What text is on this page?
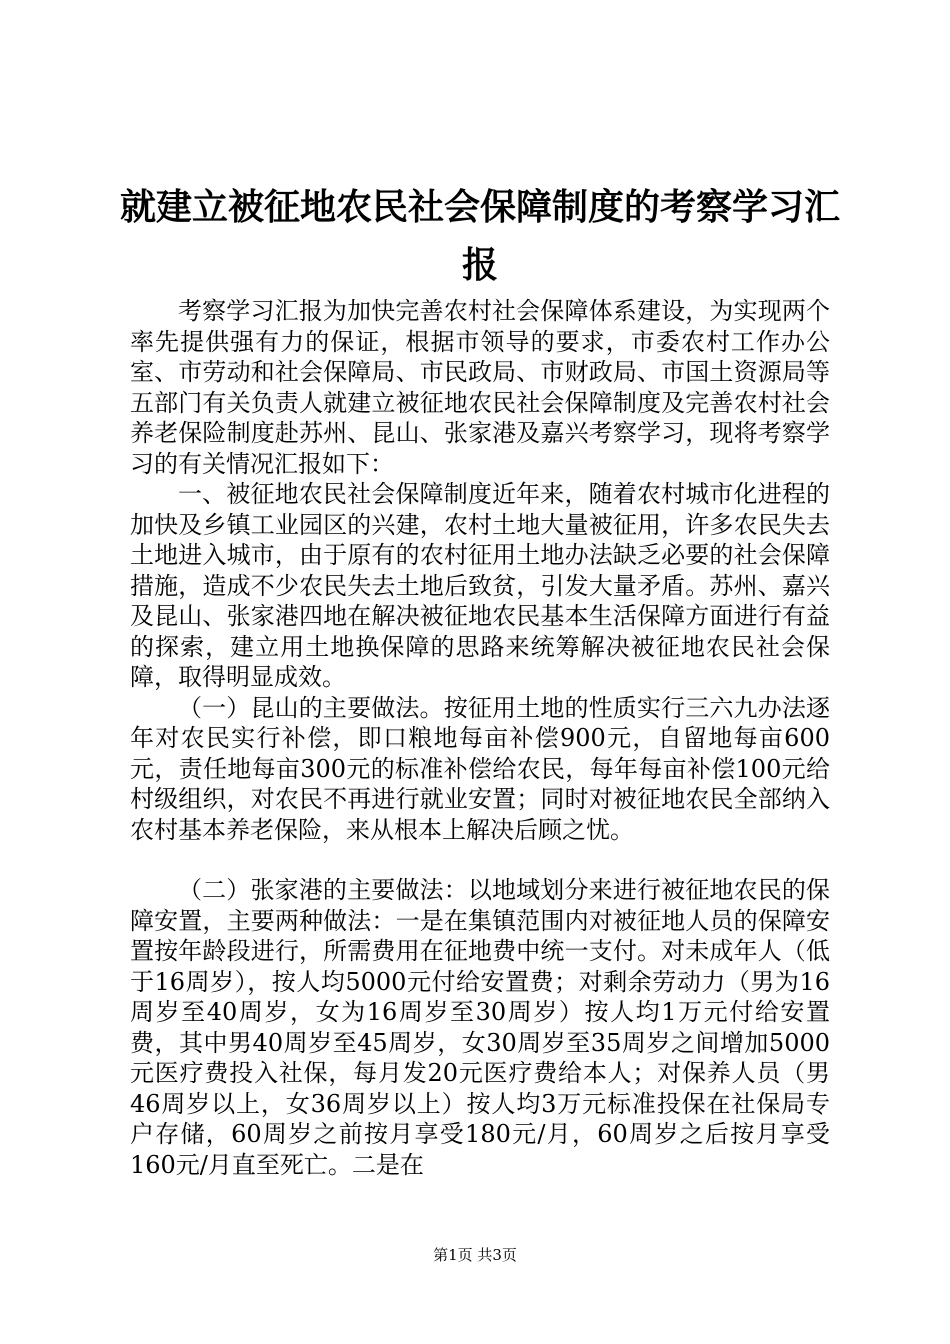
就建立被征地农民社会保障制度的考察学习汇报

考察学习汇报为加快完善农村社会保障体系建设，为实现两个率先提供强有力的保证，根据市领导的要求，市委农村工作办公室、市劳动和社会保障局、市民政局、市财政局、市国土资源局等五部门有关负责人就建立被征地农民社会保障制度及完善农村社会养老保险制度赴苏州、昆山、张家港及嘉兴考察学习，现将考察学习的有关情况汇报如下：

一、被征地农民社会保障制度近年来，随着农村城市化进程的加快及乡镇工业园区的兴建，农村土地大量被征用，许多农民失去土地进入城市，由于原有的农村征用土地办法缺乏必要的社会保障措施，造成不少农民失去土地后致贫，引发大量矛盾。苏州、嘉兴及昆山、张家港四地在解决被征地农民基本生活保障方面进行有益的探索，建立用土地换保障的思路来统筹解决被征地农民社会保障，取得明显成效。

（一）昆山的主要做法。按征用土地的性质实行三六九办法逐年对农民实行补偿，即口粮地每亩补偿900元，自留地每亩600元，责任地每亩300元的标准补偿给农民，每年每亩补偿100元给村级组织，对农民不再进行就业安置；同时对被征地农民全部纳入农村基本养老保险，来从根本上解决后顾之忧。

（二）张家港的主要做法：以地域划分来进行被征地农民的保障安置，主要两种做法：一是在集镇范围内对被征地人员的保障安置按年龄段进行，所需费用在征地费中统一支付。对未成年人（低于16周岁），按人均5000元付给安置费；对剩余劳动力（男为16周岁至40周岁，女为16周岁至30周岁）按人均1万元付给安置费，其中男40周岁至45周岁，女30周岁至35周岁之间增加5000元医疗费投入社保，每月发20元医疗费给本人；对保养人员（男46周岁以上，女36周岁以上）按人均3万元标准投保在社保局专户存储，60周岁之前按月享受180元/月，60周岁之后按月享受160元/月直至死亡。二是在

第1页 共3页
